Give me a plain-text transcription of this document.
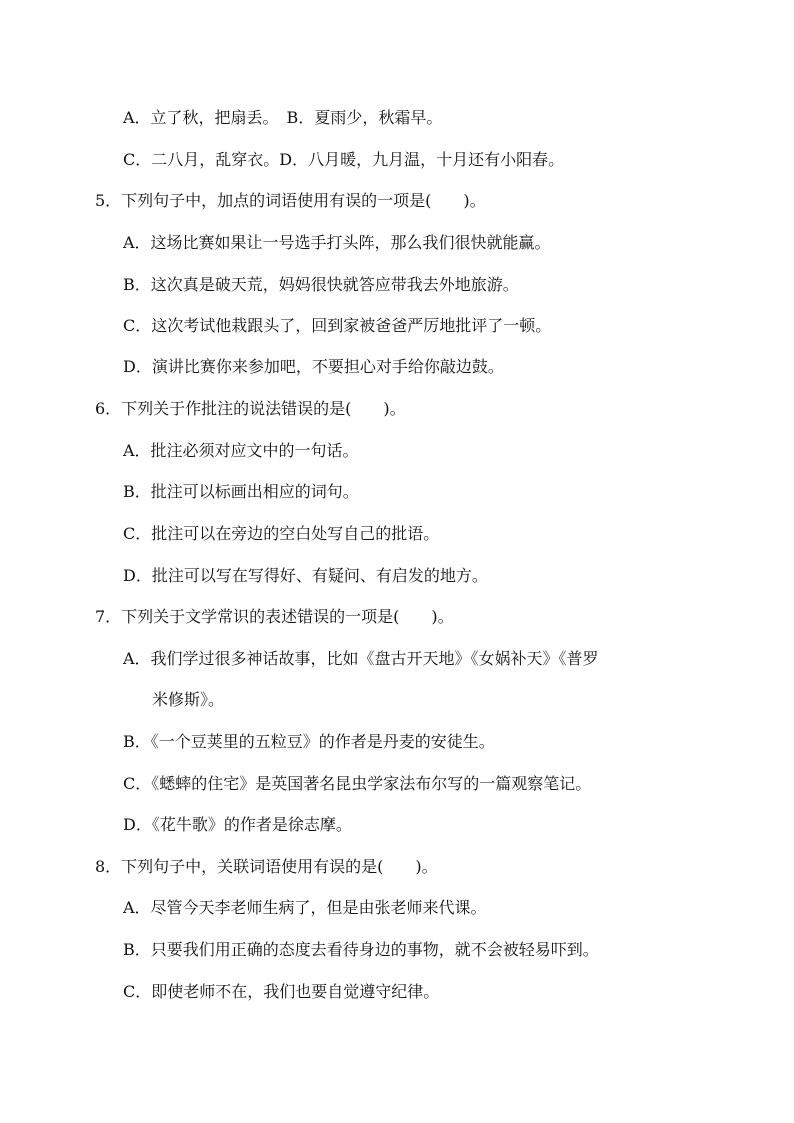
A．立了秋，把扇丢。　B．夏雨少，秋霜早。
C．二八月，乱穿衣。D．八月暖，九月温，十月还有小阳春。
5．下列句子中，加点的词语使用有误的一项是(　　)。
A．这场比赛如果让一号选手打头阵，那么我们很快就能赢。
B．这次真是破天荒，妈妈很快就答应带我去外地旅游。
C．这次考试他栽跟头了，回到家被爸爸严厉地批评了一顿。
D．演讲比赛你来参加吧，不要担心对手给你敲边鼓。
6．下列关于作批注的说法错误的是(　　)。
A．批注必须对应文中的一句话。
B．批注可以标画出相应的词句。
C．批注可以在旁边的空白处写自己的批语。
D．批注可以写在写得好、有疑问、有启发的地方。
7．下列关于文学常识的表述错误的一项是(　　)。
A．我们学过很多神话故事，比如《盘古开天地》《女娲补天》《普罗
米修斯》。
B．《一个豆荚里的五粒豆》的作者是丹麦的安徒生。
C．《蟋蟀的住宅》是英国著名昆虫学家法布尔写的一篇观察笔记。
D．《花牛歌》的作者是徐志摩。
8．下列句子中，关联词语使用有误的是(　　)。
A．尽管今天李老师生病了，但是由张老师来代课。
B．只要我们用正确的态度去看待身边的事物，就不会被轻易吓到。
C．即使老师不在，我们也要自觉遵守纪律。
